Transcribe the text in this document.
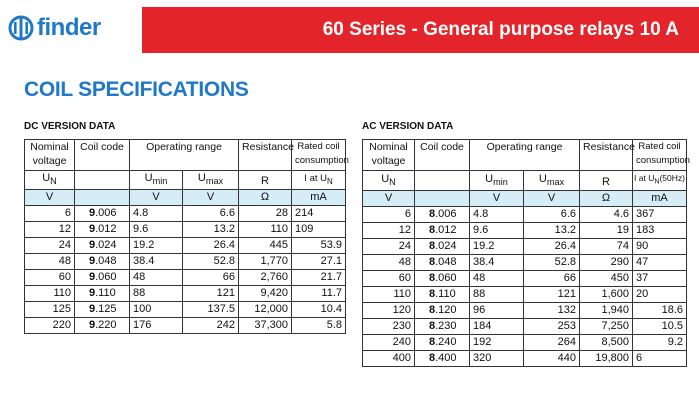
finder	60 Series - General purpose relays 10 A
COIL SPECIFICATIONS
DC VERSION DATA	AC VERSION DATA
Nominal voltage	Coil code	Operating range		Resistance	Rated coil consumption
$U_N$		$U_{min}$	$U_{max}$	R	I at $U_N$
V		V	V	Ω	mA
6	9.006	4.8	6.6	28	214
12	9.012	9.6	13.2	110	109
24	9.024	19.2	26.4	445	53.9
48	9.048	38.4	52.8	1,770	27.1
60	9.060	48	66	2,760	21.7
110	9.110	88	121	9,420	11.7
125	9.125	100	137.5	12,000	10.4
220	9.220	176	242	37,300	5.8
Nominal voltage	Coil code	Operating range		Resistance	Rated coil consumption
$U_N$		$U_{min}$	$U_{max}$	R	I at $U_N(50Hz)$
V		V	V	Ω	mA
6	8.006	4.8	6.6	4.6	367
12	8.012	9.6	13.2	19	183
24	8.024	19.2	26.4	74	90
48	8.048	38.4	52.8	290	47
60	8.060	48	66	450	37
110	8.110	88	121	1,600	20
120	8.120	96	132	1,940	18.6
230	8.230	184	253	7,250	10.5
240	8.240	192	264	8,500	9.2
400	8.400	320	440	19,800	6
